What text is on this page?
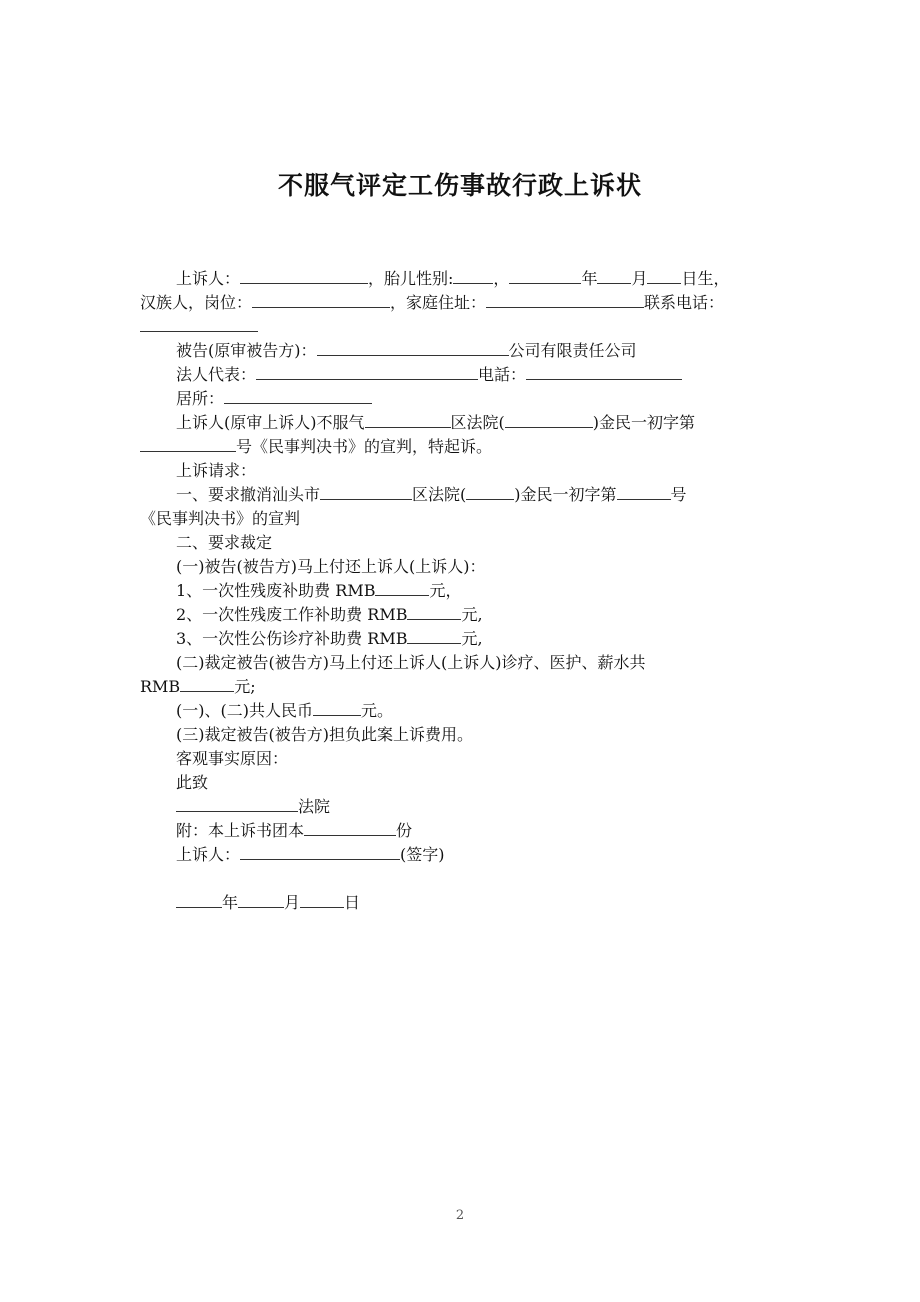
不服气评定工伤事故行政上诉状
上诉人：	，胎儿性别:	，	年 月 日生，
汉族人，岗位：	，家庭住址：	联系电话：
被告(原审被告方)：	公司有限责任公司
法人代表：	电話：
居所：
上诉人(原审上诉人)不服气	区法院(	)金民一初字第
号《民事判决书》的宣判，特起诉。
上诉请求：
一、要求撤消汕头市	区法院(	)金民一初字第	号
《民事判决书》的宣判
二、要求裁定
(一)被告(被告方)马上付还上诉人(上诉人)：
1、一次性残废补助费 RMB	元，
2、一次性残废工作补助费 RMB	元,
3、一次性公伤诊疗补助费 RMB	元,
(二)裁定被告(被告方)马上付还上诉人(上诉人)诊疗、医护、薪水共
RMB	元;
(一)、(二)共人民币	元。
(三)裁定被告(被告方)担负此案上诉费用。
客观事实原因：
此致
法院
附：本上诉书团本	份
上诉人：	(签字)
年	月	日
2
